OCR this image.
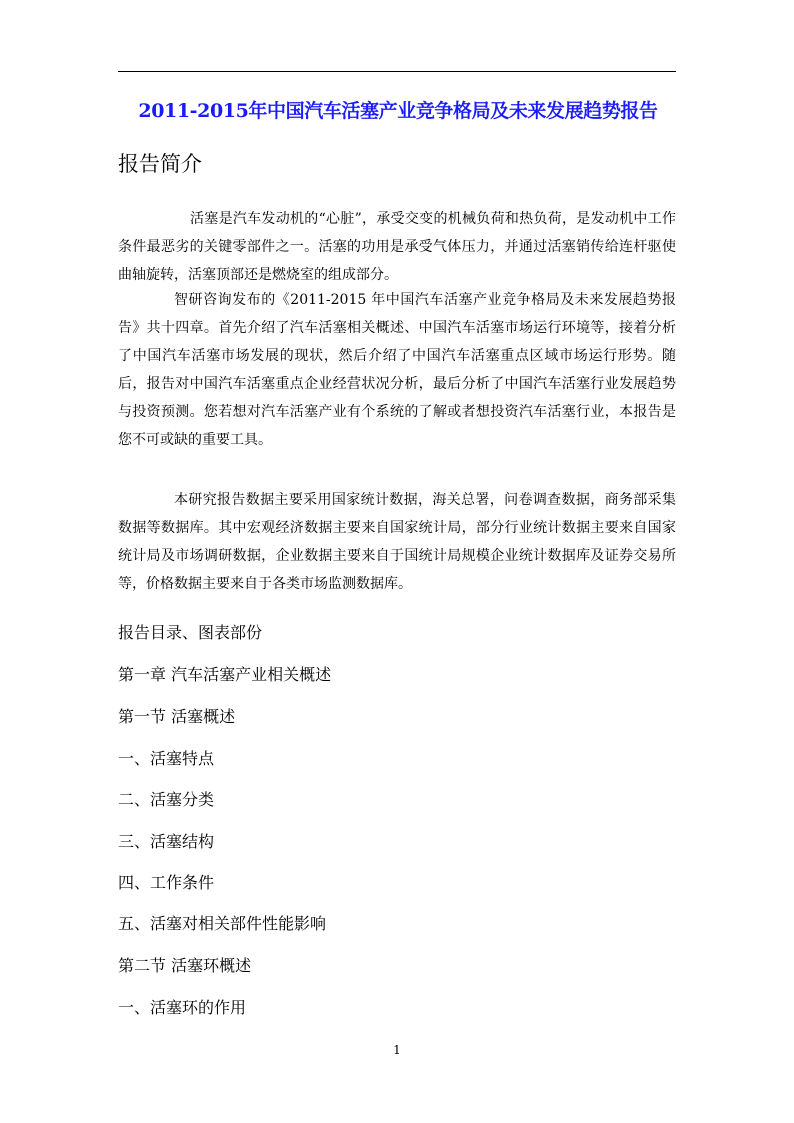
2011-2015年中国汽车活塞产业竞争格局及未来发展趋势报告
报告简介

活塞是汽车发动机的“心脏”，承受交变的机械负荷和热负荷，是发动机中工作条件最恶劣的关键零部件之一。活塞的功用是承受气体压力，并通过活塞销传给连杆驱使曲轴旋转，活塞顶部还是燃烧室的组成部分。

智研咨询发布的《2011-2015 年中国汽车活塞产业竞争格局及未来发展趋势报告》共十四章。首先介绍了汽车活塞相关概述、中国汽车活塞市场运行环境等，接着分析了中国汽车活塞市场发展的现状，然后介绍了中国汽车活塞重点区域市场运行形势。随后，报告对中国汽车活塞重点企业经营状况分析，最后分析了中国汽车活塞行业发展趋势与投资预测。您若想对汽车活塞产业有个系统的了解或者想投资汽车活塞行业，本报告是您不可或缺的重要工具。

本研究报告数据主要采用国家统计数据，海关总署，问卷调查数据，商务部采集数据等数据库。其中宏观经济数据主要来自国家统计局，部分行业统计数据主要来自国家统计局及市场调研数据，企业数据主要来自于国统计局规模企业统计数据库及证券交易所等，价格数据主要来自于各类市场监测数据库。

报告目录、图表部份
第一章 汽车活塞产业相关概述
第一节 活塞概述
一、活塞特点
二、活塞分类
三、活塞结构
四、工作条件
五、活塞对相关部件性能影响
第二节 活塞环概述
一、活塞环的作用
1
